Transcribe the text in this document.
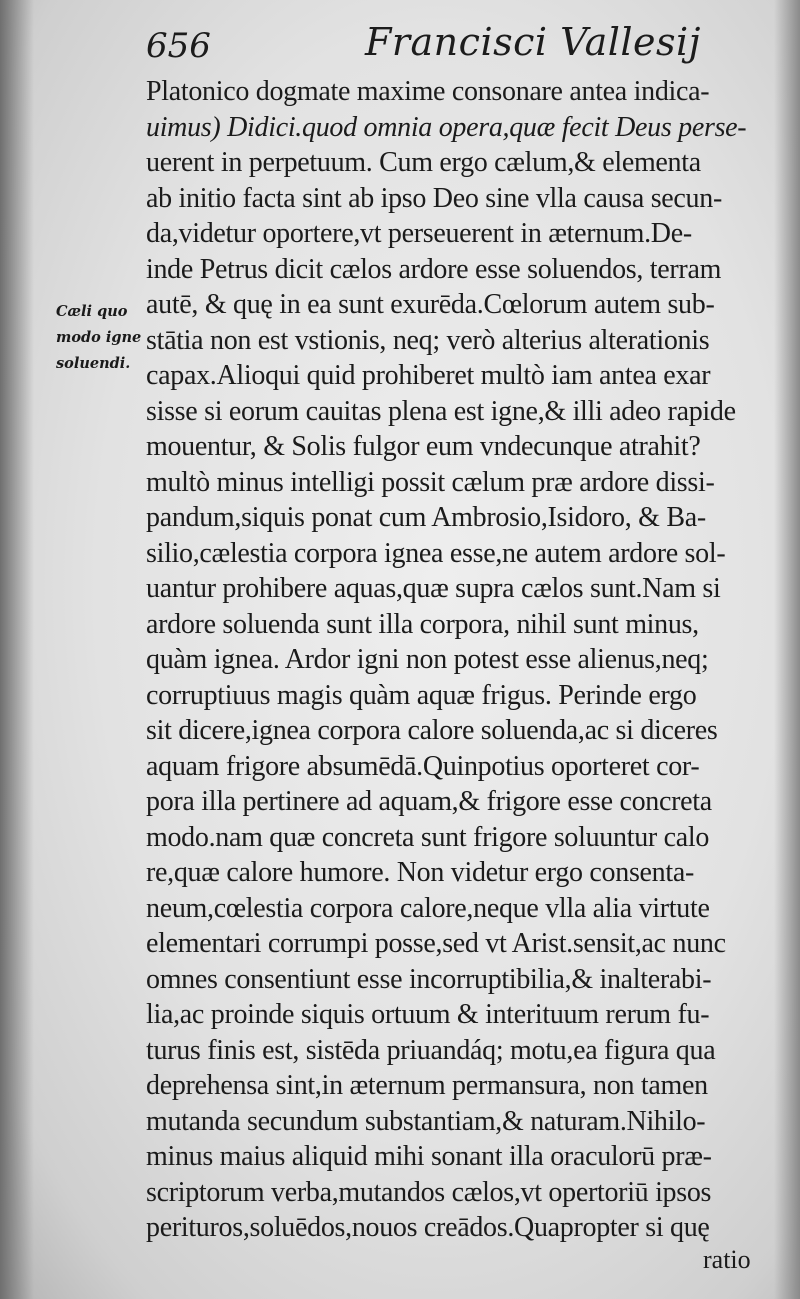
656	Francisci Vallesij
Cæli quo
modo igne
soluendi.
Platonico dogmate maxime consonare antea indica-
uimus) Didici.quod omnia opera,quæ fecit Deus perse-
uerent in perpetuum. Cum ergo cælum,& elementa
ab initio facta sint ab ipso Deo sine vlla causa secun-
da,videtur oportere,vt perseuerent in æternum.De-
inde Petrus dicit cælos ardore esse soluendos, terram
autē, & quę in ea sunt exurēda.Cœlorum autem sub-
stātia non est vstionis, neq; verò alterius alterationis
capax.Alioqui quid prohiberet multò iam antea exar
sisse si eorum cauitas plena est igne,& illi adeo rapide
mouentur, & Solis fulgor eum vndecunque atrahit?
multò minus intelligi possit cælum præ ardore dissi-
pandum,siquis ponat cum Ambrosio,Isidoro, & Ba-
silio,cælestia corpora ignea esse,ne autem ardore sol-
uantur prohibere aquas,quæ supra cælos sunt.Nam si
ardore soluenda sunt illa corpora, nihil sunt minus,
quàm ignea. Ardor igni non potest esse alienus,neq;
corruptiuus magis quàm aquæ frigus. Perinde ergo
sit dicere,ignea corpora calore soluenda,ac si diceres
aquam frigore absumēdā.Quinpotius oporteret cor-
pora illa pertinere ad aquam,& frigore esse concreta
modo.nam quæ concreta sunt frigore soluuntur calo
re,quæ calore humore. Non videtur ergo consenta-
neum,cœlestia corpora calore,neque vlla alia virtute
elementari corrumpi posse,sed vt Arist.sensit,ac nunc
omnes consentiunt esse incorruptibilia,& inalterabi-
lia,ac proinde siquis ortuum & interituum rerum fu-
turus finis est, sistēda priuandáq; motu,ea figura qua
deprehensa sint,in æternum permansura, non tamen
mutanda secundum substantiam,& naturam.Nihilo-
minus maius aliquid mihi sonant illa oraculorū præ-
scriptorum verba,mutandos cælos,vt opertoriū ipsos
perituros,soluēdos,nouos creādos.Quapropter si quę
ratio
